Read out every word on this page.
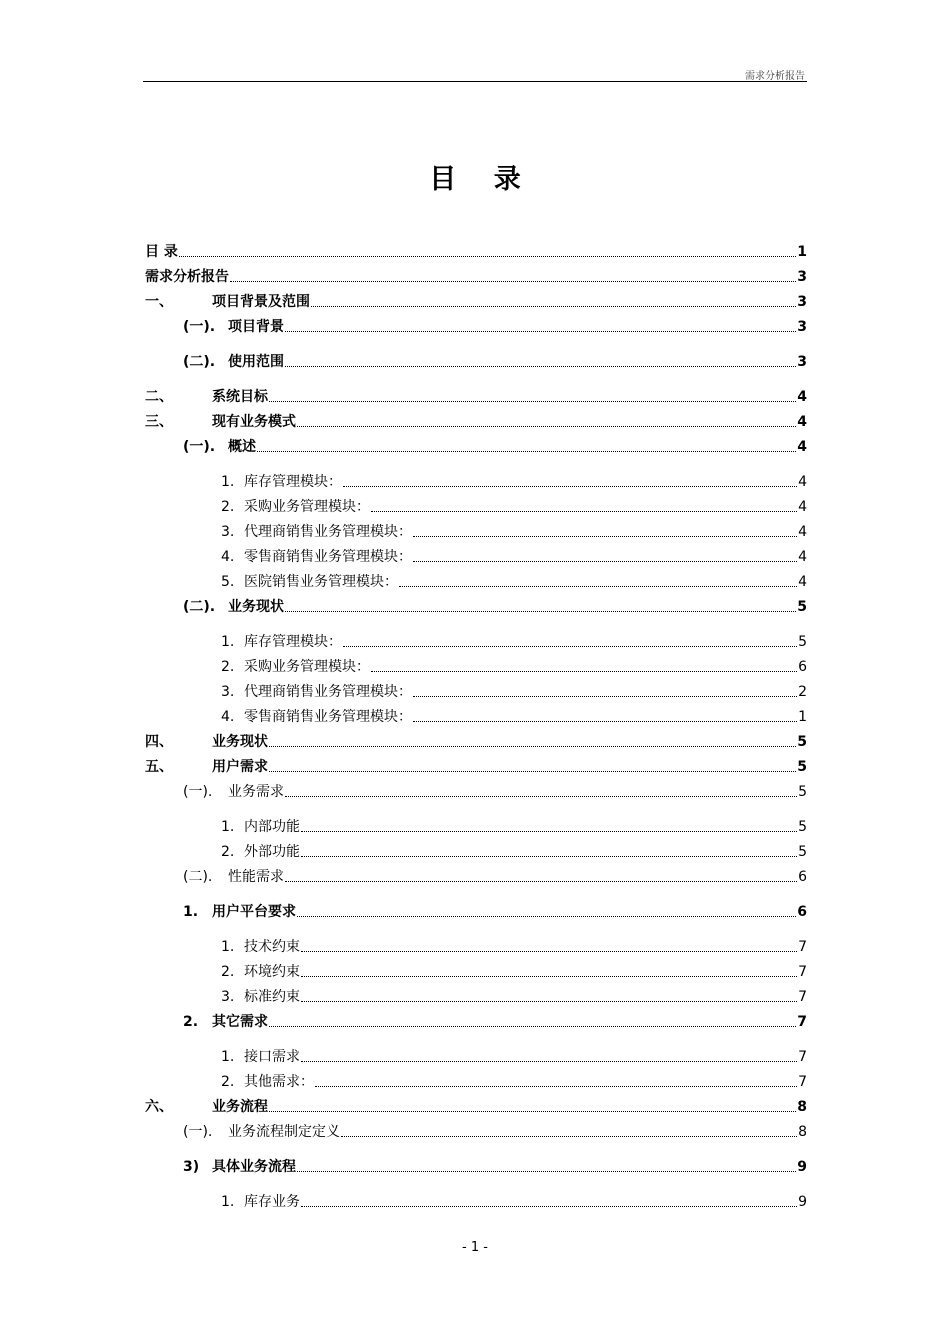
需求分析报告
目 录
目 录	1
需求分析报告	3
一、	项目背景及范围	3
(一). 项目背景	3
(二). 使用范围	3
二、	系统目标	4
三、	现有业务模式	4
(一). 概述	4
1. 库存管理模块：	4
2. 采购业务管理模块：	4
3. 代理商销售业务管理模块：	4
4. 零售商销售业务管理模块：	4
5. 医院销售业务管理模块：	4
(二). 业务现状	5
1. 库存管理模块：	5
2. 采购业务管理模块：	6
3. 代理商销售业务管理模块：	2
4. 零售商销售业务管理模块：	1
四、	业务现状	5
五、	用户需求	5
(一).	业务需求	5
1. 内部功能	5
2. 外部功能	5
(二).	性能需求	6
1. 用户平台要求	6
1. 技术约束	7
2. 环境约束	7
3. 标准约束	7
2. 其它需求	7
1. 接口需求	7
2. 其他需求：	7
六、	业务流程	8
(一).	业务流程制定定义	8
3) 具体业务流程	9
1. 库存业务	9
- 1 -
